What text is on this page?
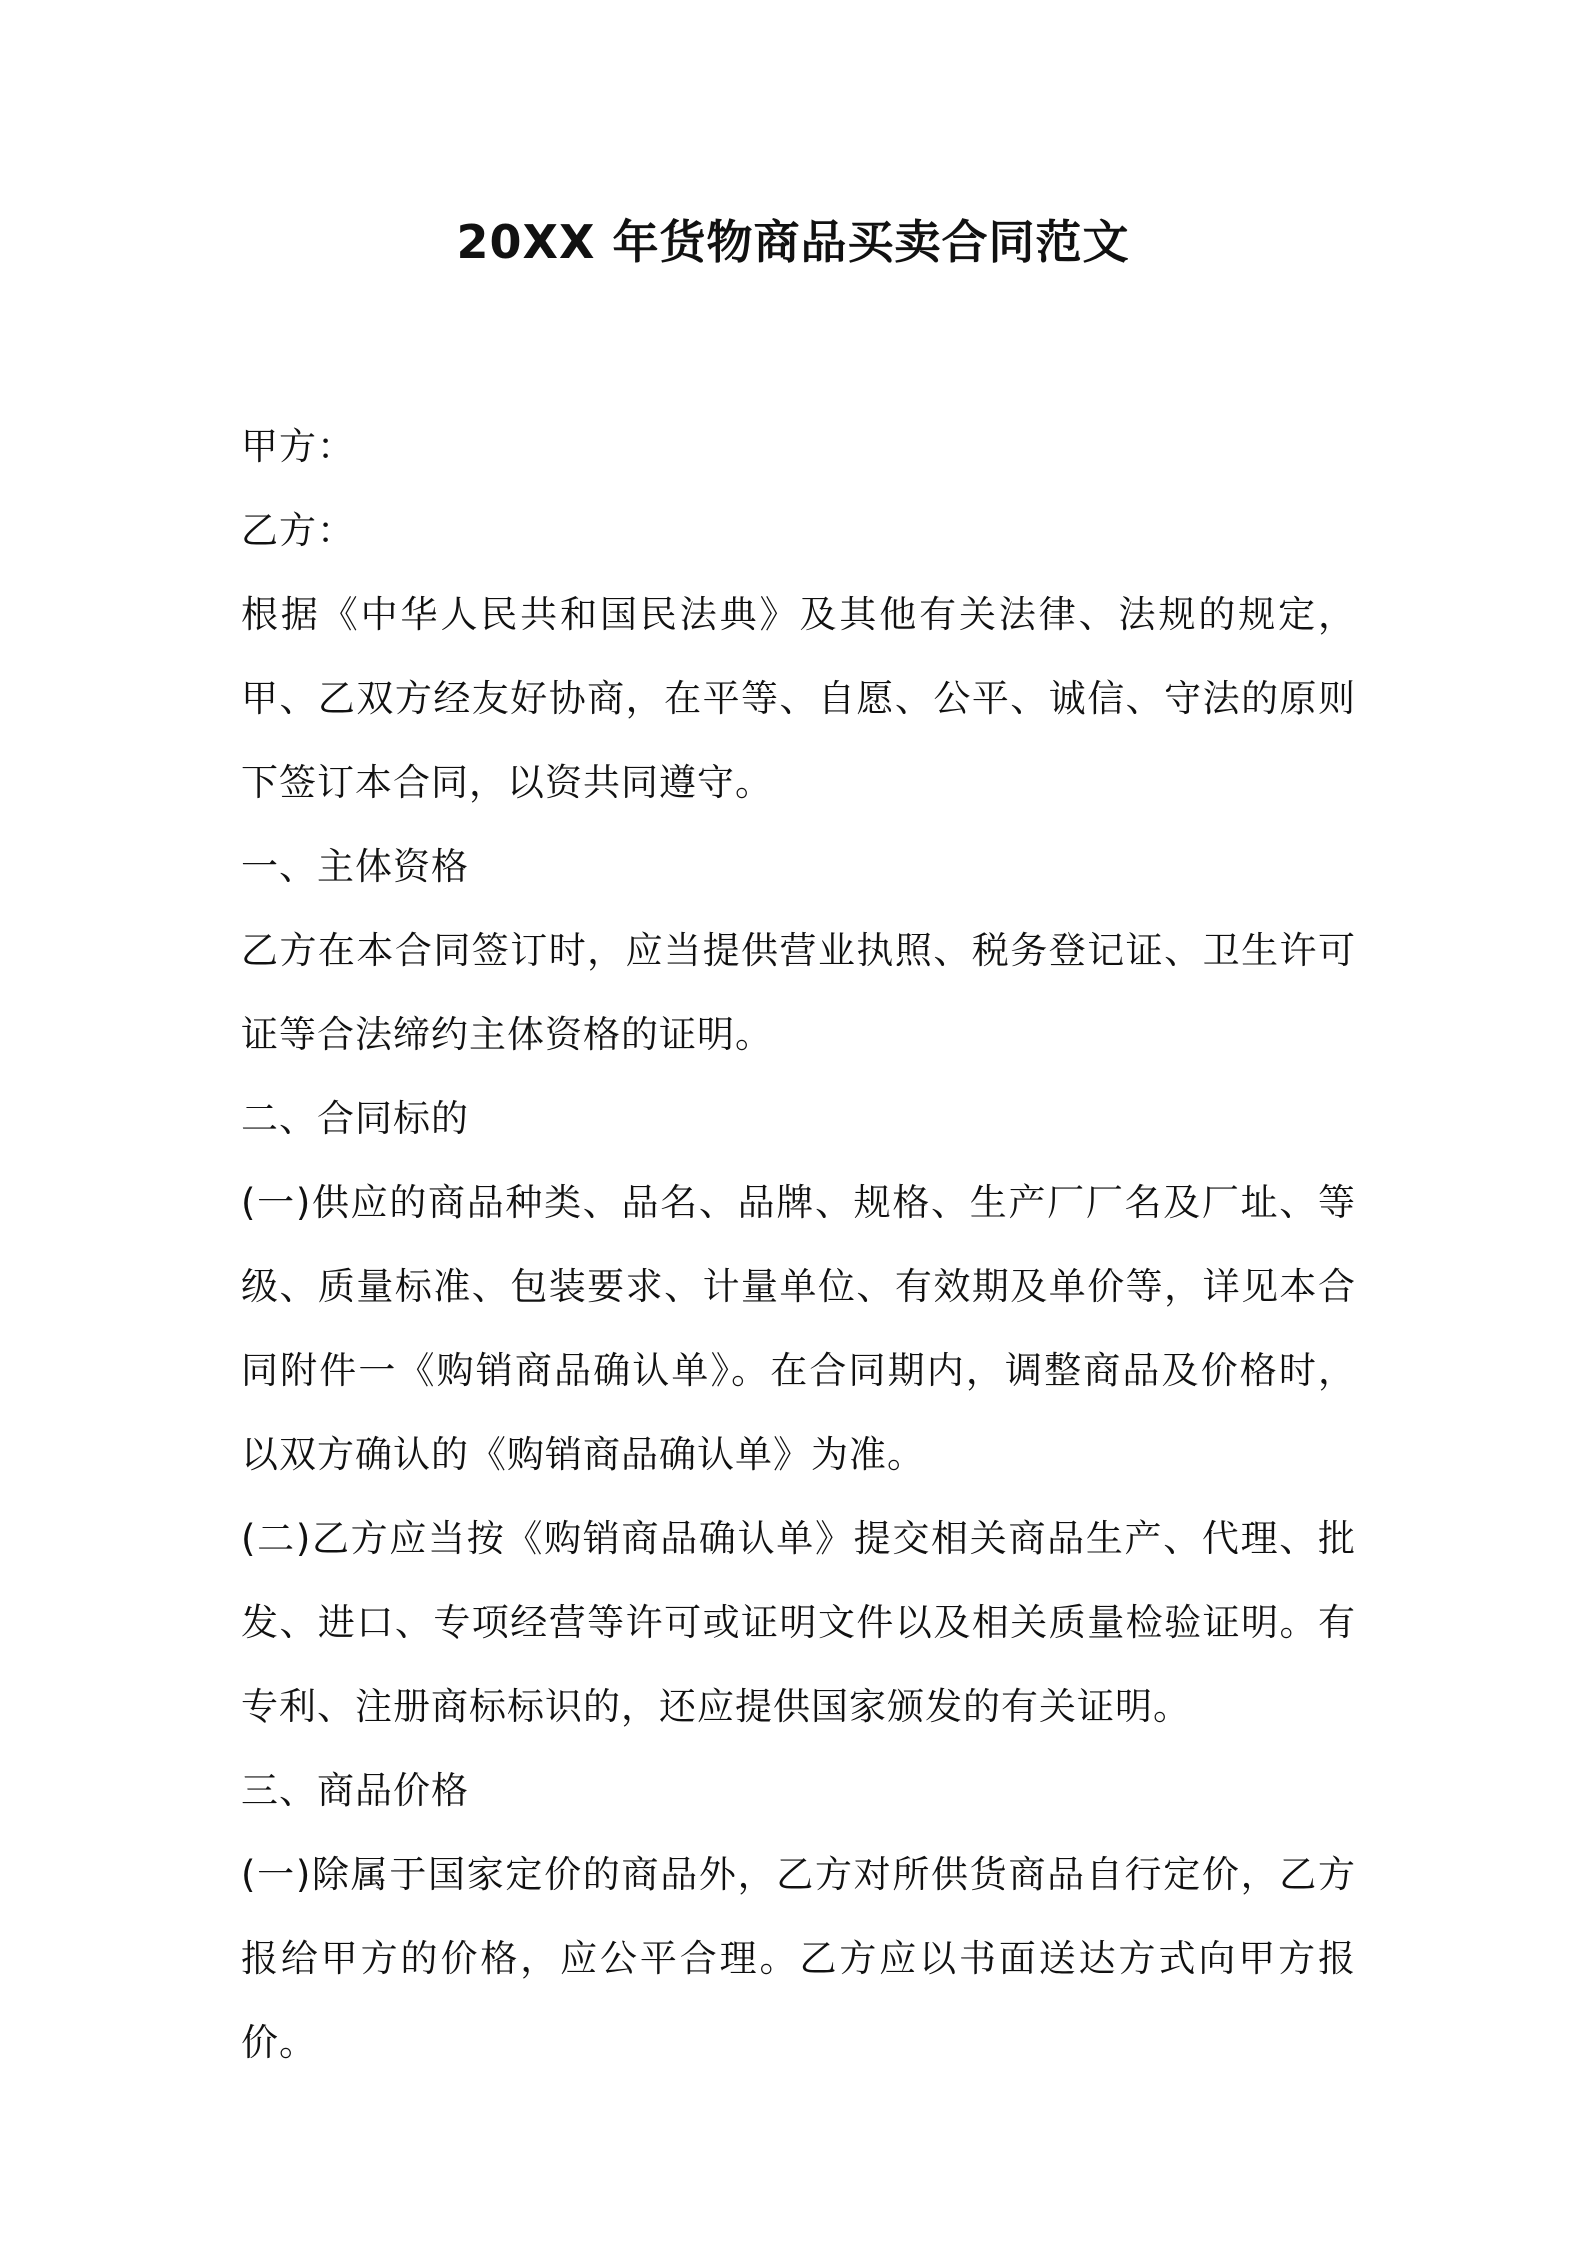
20XX 年货物商品买卖合同范文

甲方：

乙方：

根据《中华人民共和国民法典》及其他有关法律、法规的规定，甲、乙双方经友好协商，在平等、自愿、公平、诚信、守法的原则下签订本合同，以资共同遵守。

一、主体资格

乙方在本合同签订时，应当提供营业执照、税务登记证、卫生许可证等合法缔约主体资格的证明。

二、合同标的

(一)供应的商品种类、品名、品牌、规格、生产厂厂名及厂址、等级、质量标准、包装要求、计量单位、有效期及单价等，详见本合同附件一《购销商品确认单》。在合同期内，调整商品及价格时，以双方确认的《购销商品确认单》为准。

(二)乙方应当按《购销商品确认单》提交相关商品生产、代理、批发、进口、专项经营等许可或证明文件以及相关质量检验证明。有专利、注册商标标识的，还应提供国家颁发的有关证明。

三、商品价格

(一)除属于国家定价的商品外，乙方对所供货商品自行定价，乙方报给甲方的价格，应公平合理。乙方应以书面送达方式向甲方报价。
